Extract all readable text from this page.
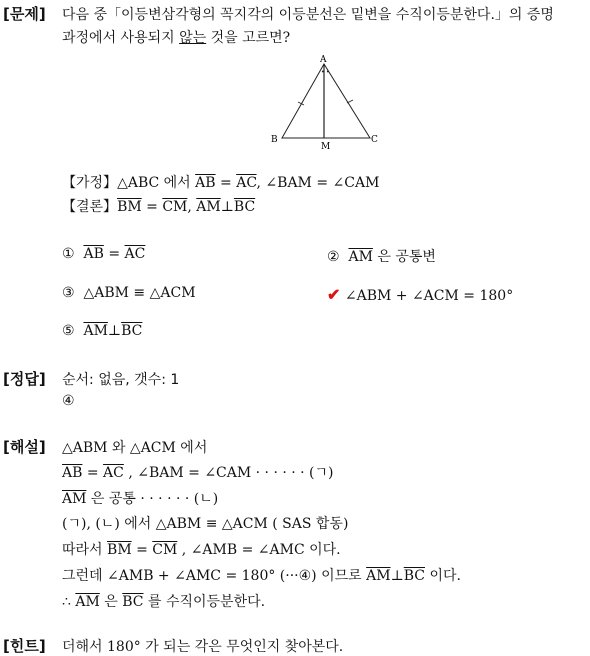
[문제] 다음 중「이등변삼각형의 꼭지각의 이등분선은 밑변을 수직이등분한다.」의 증명
과정에서 사용되지 않는 것을 고르면?
• •
A
B	C
M
【가정】△ABC 에서 $\overline{AB} = \overline{AC}$, ∠BAM = ∠CAM
【결론】$\overline{BM} = \overline{CM}$, $\overline{AM}\perp\overline{BC}$
① $\overline{AB} = \overline{AC}$	② $\overline{AM}$ 은 공통변
③ △ABM ≡ △ACM	✔ ∠ABM + ∠ACM = 180°
⑤ $\overline{AM}\perp\overline{BC}$
[정답] 순서: 없음, 갯수: 1
④
[해설] △ABM 와 △ACM 에서
$\overline{AB} = \overline{AC}$ , ∠BAM = ∠CAM · · · · · · (ㄱ)
$\overline{AM}$ 은 공통 · · · · · · (ㄴ)
(ㄱ), (ㄴ) 에서 △ABM ≡ △ACM ( SAS 합동)
따라서 $\overline{BM} = \overline{CM}$ , ∠AMB = ∠AMC 이다.
그런데 ∠AMB + ∠AMC = 180° (···④) 이므로 $\overline{AM}\perp\overline{BC}$ 이다.
∴ $\overline{AM}$ 은 $\overline{BC}$ 를 수직이등분한다.
[힌트] 더해서 180° 가 되는 각은 무엇인지 찾아본다.
